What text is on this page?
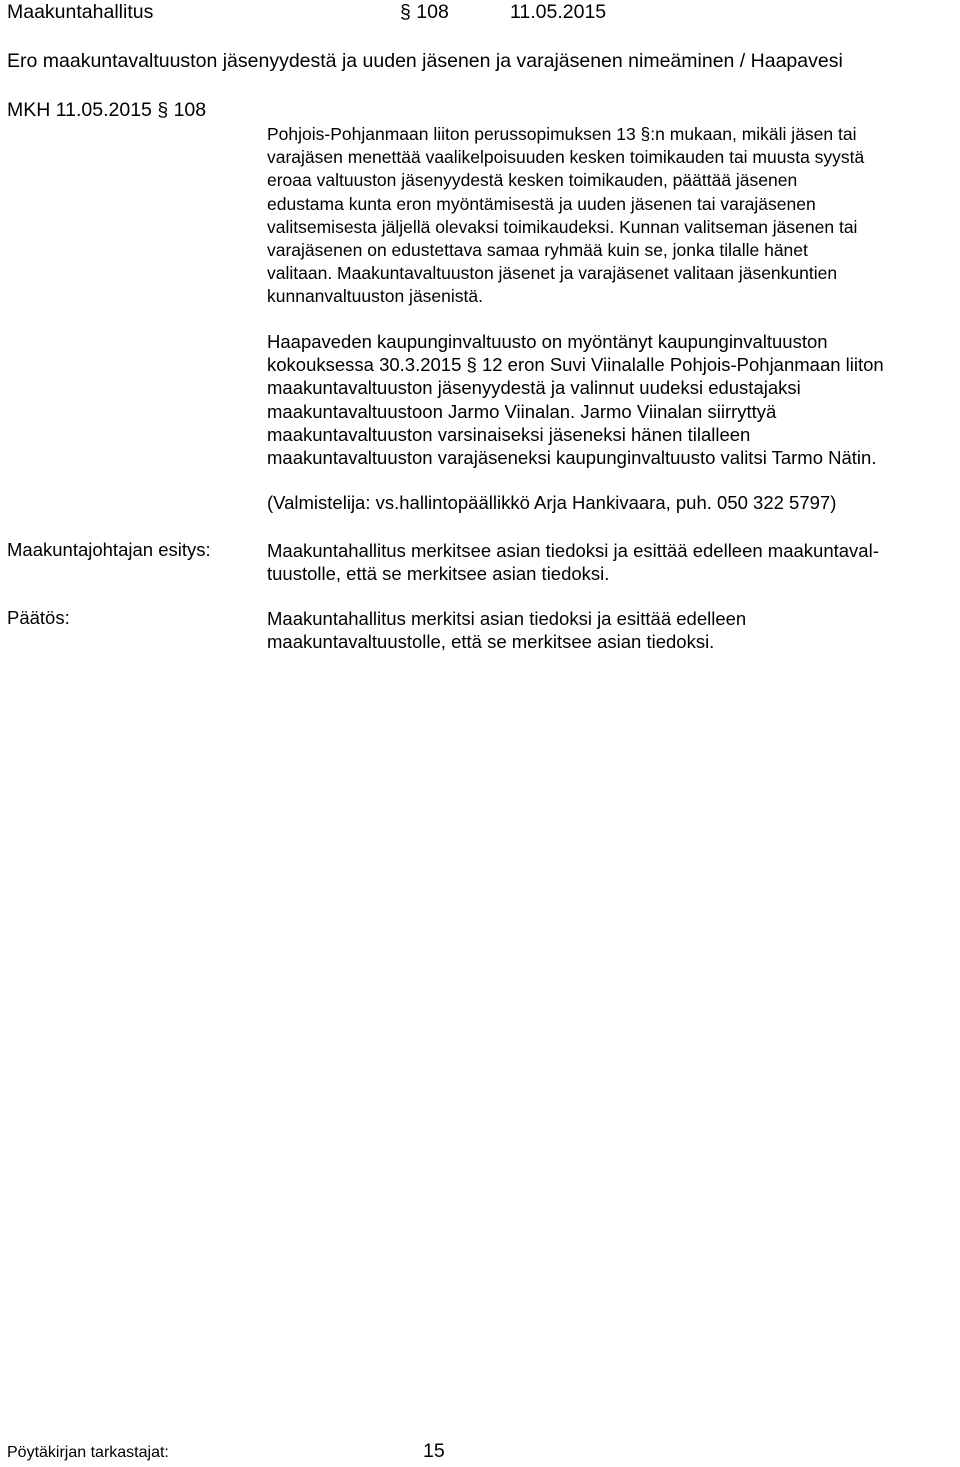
Maakuntahallitus	§ 108	11.05.2015
Ero maakuntavaltuuston jäsenyydestä ja uuden jäsenen ja varajäsenen nimeäminen / Haapavesi
MKH 11.05.2015 § 108
Pohjois-Pohjanmaan liiton perussopimuksen 13 §:n mukaan, mikäli jäsen tai
varajäsen menettää vaalikelpoisuuden kesken toimikauden tai muusta syystä
eroaa valtuuston jäsenyydestä kesken toimikauden, päättää jäsenen
edustama kunta eron myöntämisestä ja uuden jäsenen tai varajäsenen
valitsemisesta jäljellä olevaksi toimikaudeksi. Kunnan valitseman jäsenen tai
varajäsenen on edustettava samaa ryhmää kuin se, jonka tilalle hänet
valitaan. Maakuntavaltuuston jäsenet ja varajäsenet valitaan jäsenkuntien
kunnanvaltuuston jäsenistä.
Haapaveden kaupunginvaltuusto on myöntänyt kaupunginvaltuuston
kokouksessa 30.3.2015 § 12 eron Suvi Viinalalle Pohjois-Pohjanmaan liiton
maakuntavaltuuston jäsenyydestä ja valinnut uudeksi edustajaksi
maakuntavaltuustoon Jarmo Viinalan. Jarmo Viinalan siirryttyä
maakuntavaltuuston varsinaiseksi jäseneksi hänen tilalleen
maakuntavaltuuston varajäseneksi kaupunginvaltuusto valitsi Tarmo Nätin.
(Valmistelija: vs.hallintopäällikkö Arja Hankivaara, puh. 050 322 5797)
Maakuntajohtajan esitys:	Maakuntahallitus merkitsee asian tiedoksi ja esittää edelleen maakuntaval-
tuustolle, että se merkitsee asian tiedoksi.
Päätös:	Maakuntahallitus merkitsi asian tiedoksi ja esittää edelleen
maakuntavaltuustolle, että se merkitsee asian tiedoksi.
Pöytäkirjan tarkastajat:	15
